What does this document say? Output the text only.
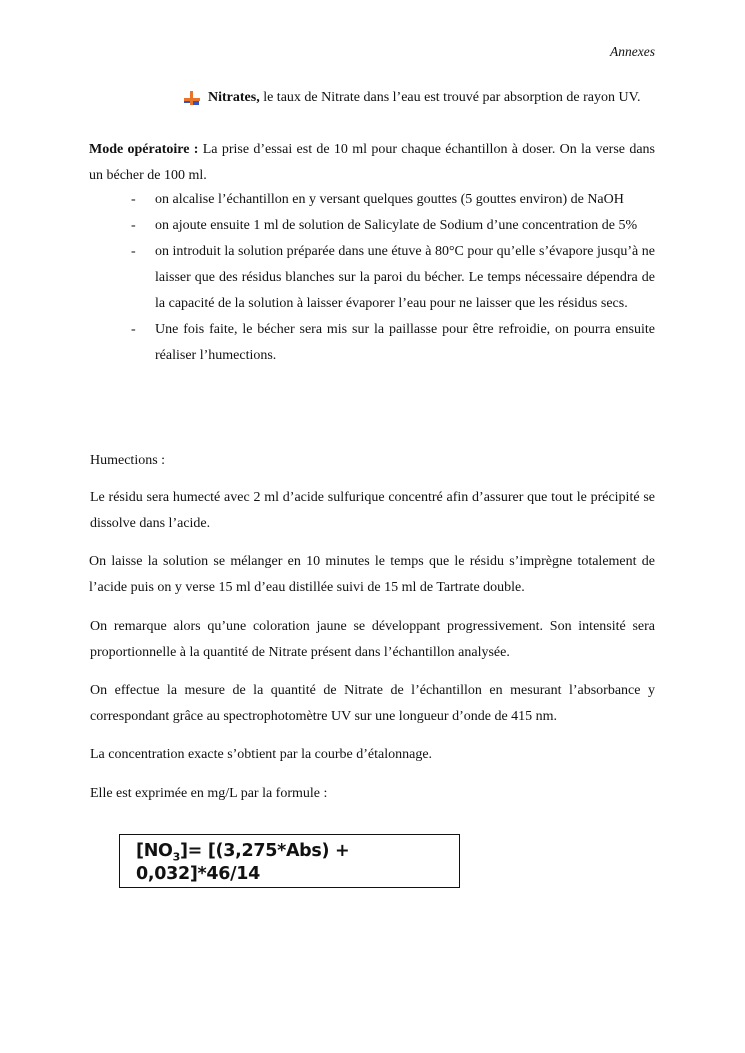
Annexes
Nitrates, le taux de Nitrate dans l’eau est trouvé par absorption de rayon UV.
Mode opératoire : La prise d’essai est de 10 ml pour chaque échantillon à doser. On la verse dans un bécher de 100 ml.
- on alcalise l’échantillon en y versant quelques gouttes (5 gouttes environ) de NaOH
- on ajoute ensuite 1 ml de solution de Salicylate de Sodium d’une concentration de 5%
- on introduit la solution préparée dans une étuve à 80°C pour qu’elle s’évapore jusqu’à ne laisser que des résidus blanches sur la paroi du bécher. Le temps nécessaire dépendra de la capacité de la solution à laisser évaporer l’eau pour ne laisser que les résidus secs.
- Une fois faite, le bécher sera mis sur la paillasse pour être refroidie, on pourra ensuite réaliser l’humections.
Humections :
Le résidu sera humecté avec 2 ml d’acide sulfurique concentré afin d’assurer que tout le précipité se dissolve dans l’acide.
On laisse la solution se mélanger en 10 minutes le temps que le résidu s’imprègne totalement de l’acide puis on y verse 15 ml d’eau distillée suivi de 15 ml de Tartrate double.
On remarque alors qu’une coloration jaune se développant progressivement. Son intensité sera proportionnelle à la quantité de Nitrate présent dans l’échantillon analysée.
On effectue la mesure de la quantité de Nitrate de l’échantillon en mesurant l’absorbance y correspondant grâce au spectrophotomètre UV sur une longueur d’onde de 415 nm.
La concentration exacte s’obtient par la courbe d’étalonnage.
Elle est exprimée en mg/L par la formule :
$[NO_3]= [(3,275*Abs) + 0,032]*46/14$
